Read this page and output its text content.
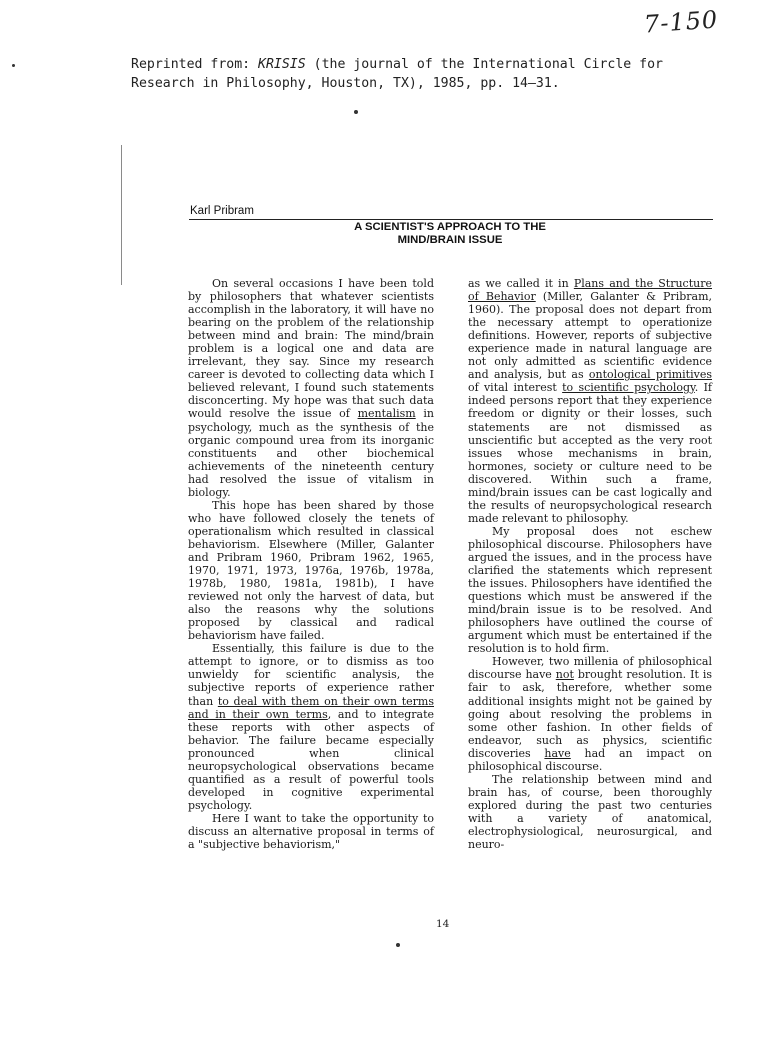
7-150
Reprinted from: KRISIS (the journal of the International Circle for
Research in Philosophy, Houston, TX), 1985, pp. 14–31.
Karl Pribram
A SCIENTIST'S APPROACH TO THE
MIND/BRAIN ISSUE

On several occasions I have been told by philosophers that whatever scientists accomplish in the laboratory, it will have no bearing on the problem of the relationship between mind and brain: The mind/brain problem is a logical one and data are irrelevant, they say. Since my research career is devoted to collecting data which I believed relevant, I found such statements disconcerting. My hope was that such data would resolve the issue of mentalism in psychology, much as the synthesis of the organic compound urea from its inorganic constituents and other biochemical achievements of the nineteenth century had resolved the issue of vitalism in biology.

This hope has been shared by those who have followed closely the tenets of operationalism which resulted in classical behaviorism. Elsewhere (Miller, Galanter and Pribram 1960, Pribram 1962, 1965, 1970, 1971, 1973, 1976a, 1976b, 1978a, 1978b, 1980, 1981a, 1981b), I have reviewed not only the harvest of data, but also the reasons why the solutions proposed by classical and radical behaviorism have failed.

Essentially, this failure is due to the attempt to ignore, or to dismiss as too unwieldy for scientific analysis, the subjective reports of experience rather than to deal with them on their own terms and in their own terms, and to integrate these reports with other aspects of behavior. The failure became especially pronounced when clinical neuropsychological observations became quantified as a result of powerful tools developed in cognitive experimental psychology.

Here I want to take the opportunity to discuss an alternative proposal in terms of a "subjective behaviorism,"

as we called it in Plans and the Structure of Behavior (Miller, Galanter & Pribram, 1960). The proposal does not depart from the necessary attempt to operationize definitions. However, reports of subjective experience made in natural language are not only admitted as scientific evidence and analysis, but as ontological primitives of vital interest to scientific psychology. If indeed persons report that they experience freedom or dignity or their losses, such statements are not dismissed as unscientific but accepted as the very root issues whose mechanisms in brain, hormones, society or culture need to be discovered. Within such a frame, mind/brain issues can be cast logically and the results of neuropsychological research made relevant to philosophy.

My proposal does not eschew philosophical discourse. Philosophers have argued the issues, and in the process have clarified the statements which represent the issues. Philosophers have identified the questions which must be answered if the mind/brain issue is to be resolved. And philosophers have outlined the course of argument which must be entertained if the resolution is to hold firm.

However, two millenia of philosophical discourse have not brought resolution. It is fair to ask, therefore, whether some additional insights might not be gained by going about resolving the problems in some other fashion. In other fields of endeavor, such as physics, scientific discoveries have had an impact on philosophical discourse.

The relationship between mind and brain has, of course, been thoroughly explored during the past two centuries with a variety of anatomical, electrophysiological, neurosurgical, and neuro-

14
